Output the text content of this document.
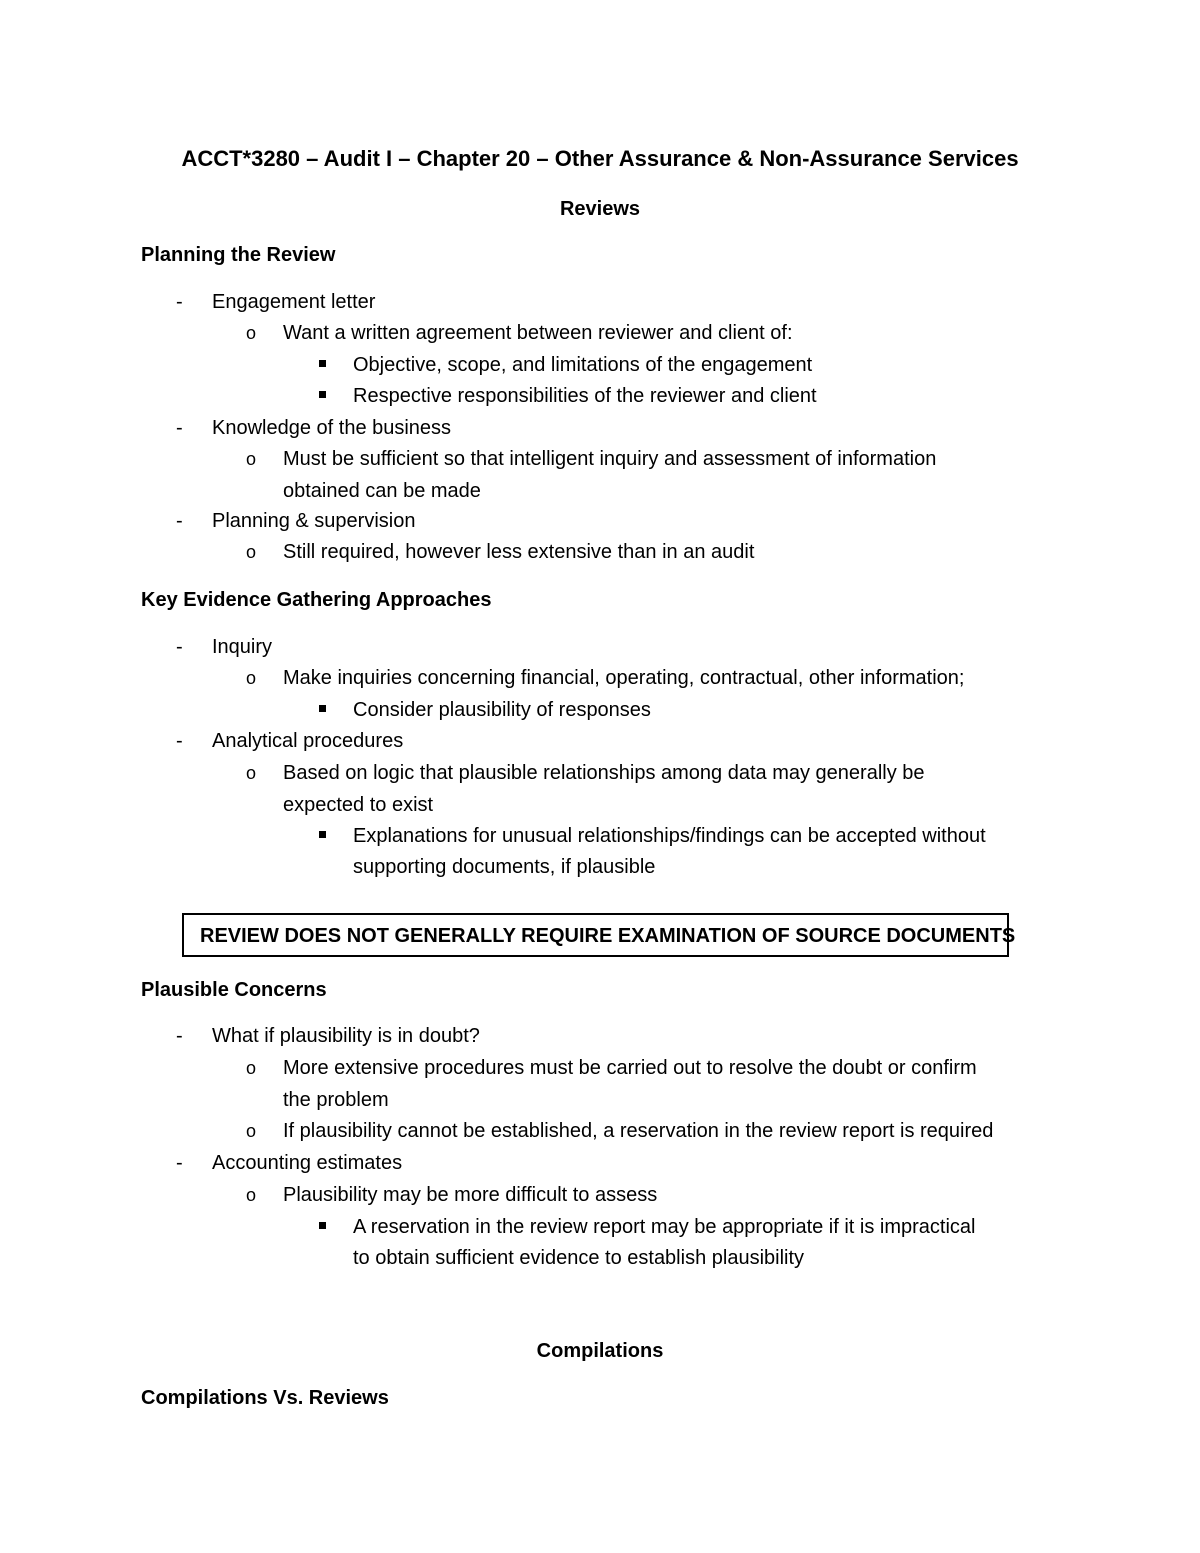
ACCT*3280 – Audit I – Chapter 20 – Other Assurance & Non-Assurance Services
Reviews
Planning the Review
- Engagement letter
o Want a written agreement between reviewer and client of:
Objective, scope, and limitations of the engagement
Respective responsibilities of the reviewer and client
- Knowledge of the business
o Must be sufficient so that intelligent inquiry and assessment of information
obtained can be made
- Planning & supervision
o Still required, however less extensive than in an audit
Key Evidence Gathering Approaches
- Inquiry
o Make inquiries concerning financial, operating, contractual, other information;
Consider plausibility of responses
- Analytical procedures
o Based on logic that plausible relationships among data may generally be
expected to exist
Explanations for unusual relationships/findings can be accepted without
supporting documents, if plausible
REVIEW DOES NOT GENERALLY REQUIRE EXAMINATION OF SOURCE DOCUMENTS
Plausible Concerns
- What if plausibility is in doubt?
o More extensive procedures must be carried out to resolve the doubt or confirm
the problem
o If plausibility cannot be established, a reservation in the review report is required
- Accounting estimates
o Plausibility may be more difficult to assess
A reservation in the review report may be appropriate if it is impractical
to obtain sufficient evidence to establish plausibility
Compilations
Compilations Vs. Reviews
